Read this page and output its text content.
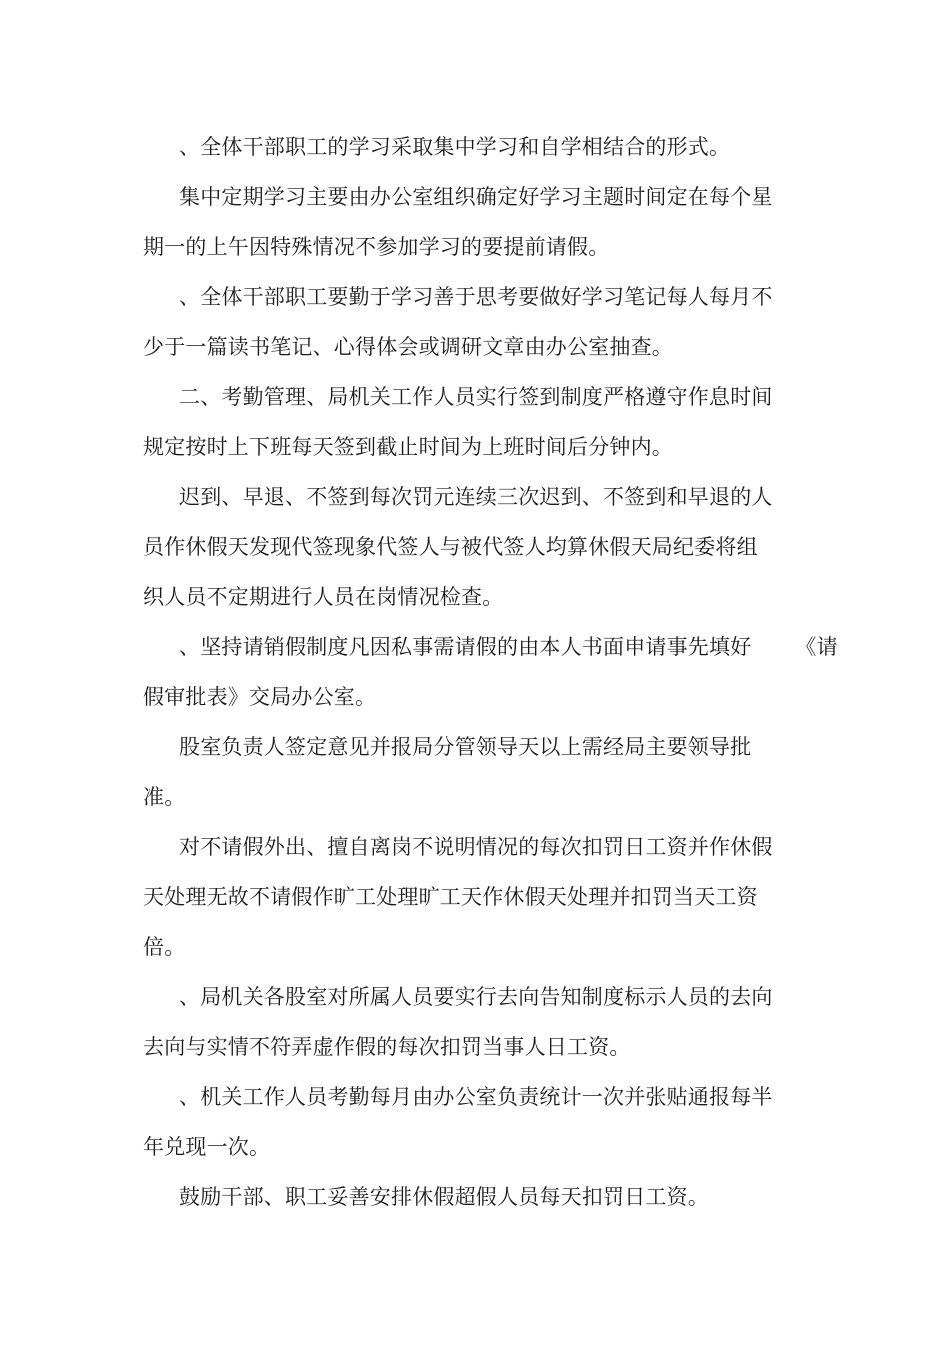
、全体干部职工的学习采取集中学习和自学相结合的形式。
集中定期学习主要由办公室组织确定好学习主题时间定在每个星
期一的上午因特殊情况不参加学习的要提前请假。
、全体干部职工要勤于学习善于思考要做好学习笔记每人每月不
少于一篇读书笔记、心得体会或调研文章由办公室抽查。
二、考勤管理、局机关工作人员实行签到制度严格遵守作息时间
规定按时上下班每天签到截止时间为上班时间后分钟内。
迟到、早退、不签到每次罚元连续三次迟到、不签到和早退的人
员作休假天发现代签现象代签人与被代签人均算休假天局纪委将组
织人员不定期进行人员在岗情况检查。
、坚持请销假制度凡因私事需请假的由本人书面申请事先填好 《请
假审批表》交局办公室。
股室负责人签定意见并报局分管领导天以上需经局主要领导批
准。
对不请假外出、擅自离岗不说明情况的每次扣罚日工资并作休假
天处理无故不请假作旷工处理旷工天作休假天处理并扣罚当天工资
倍。
、局机关各股室对所属人员要实行去向告知制度标示人员的去向
去向与实情不符弄虚作假的每次扣罚当事人日工资。
、机关工作人员考勤每月由办公室负责统计一次并张贴通报每半
年兑现一次。
鼓励干部、职工妥善安排休假超假人员每天扣罚日工资。
